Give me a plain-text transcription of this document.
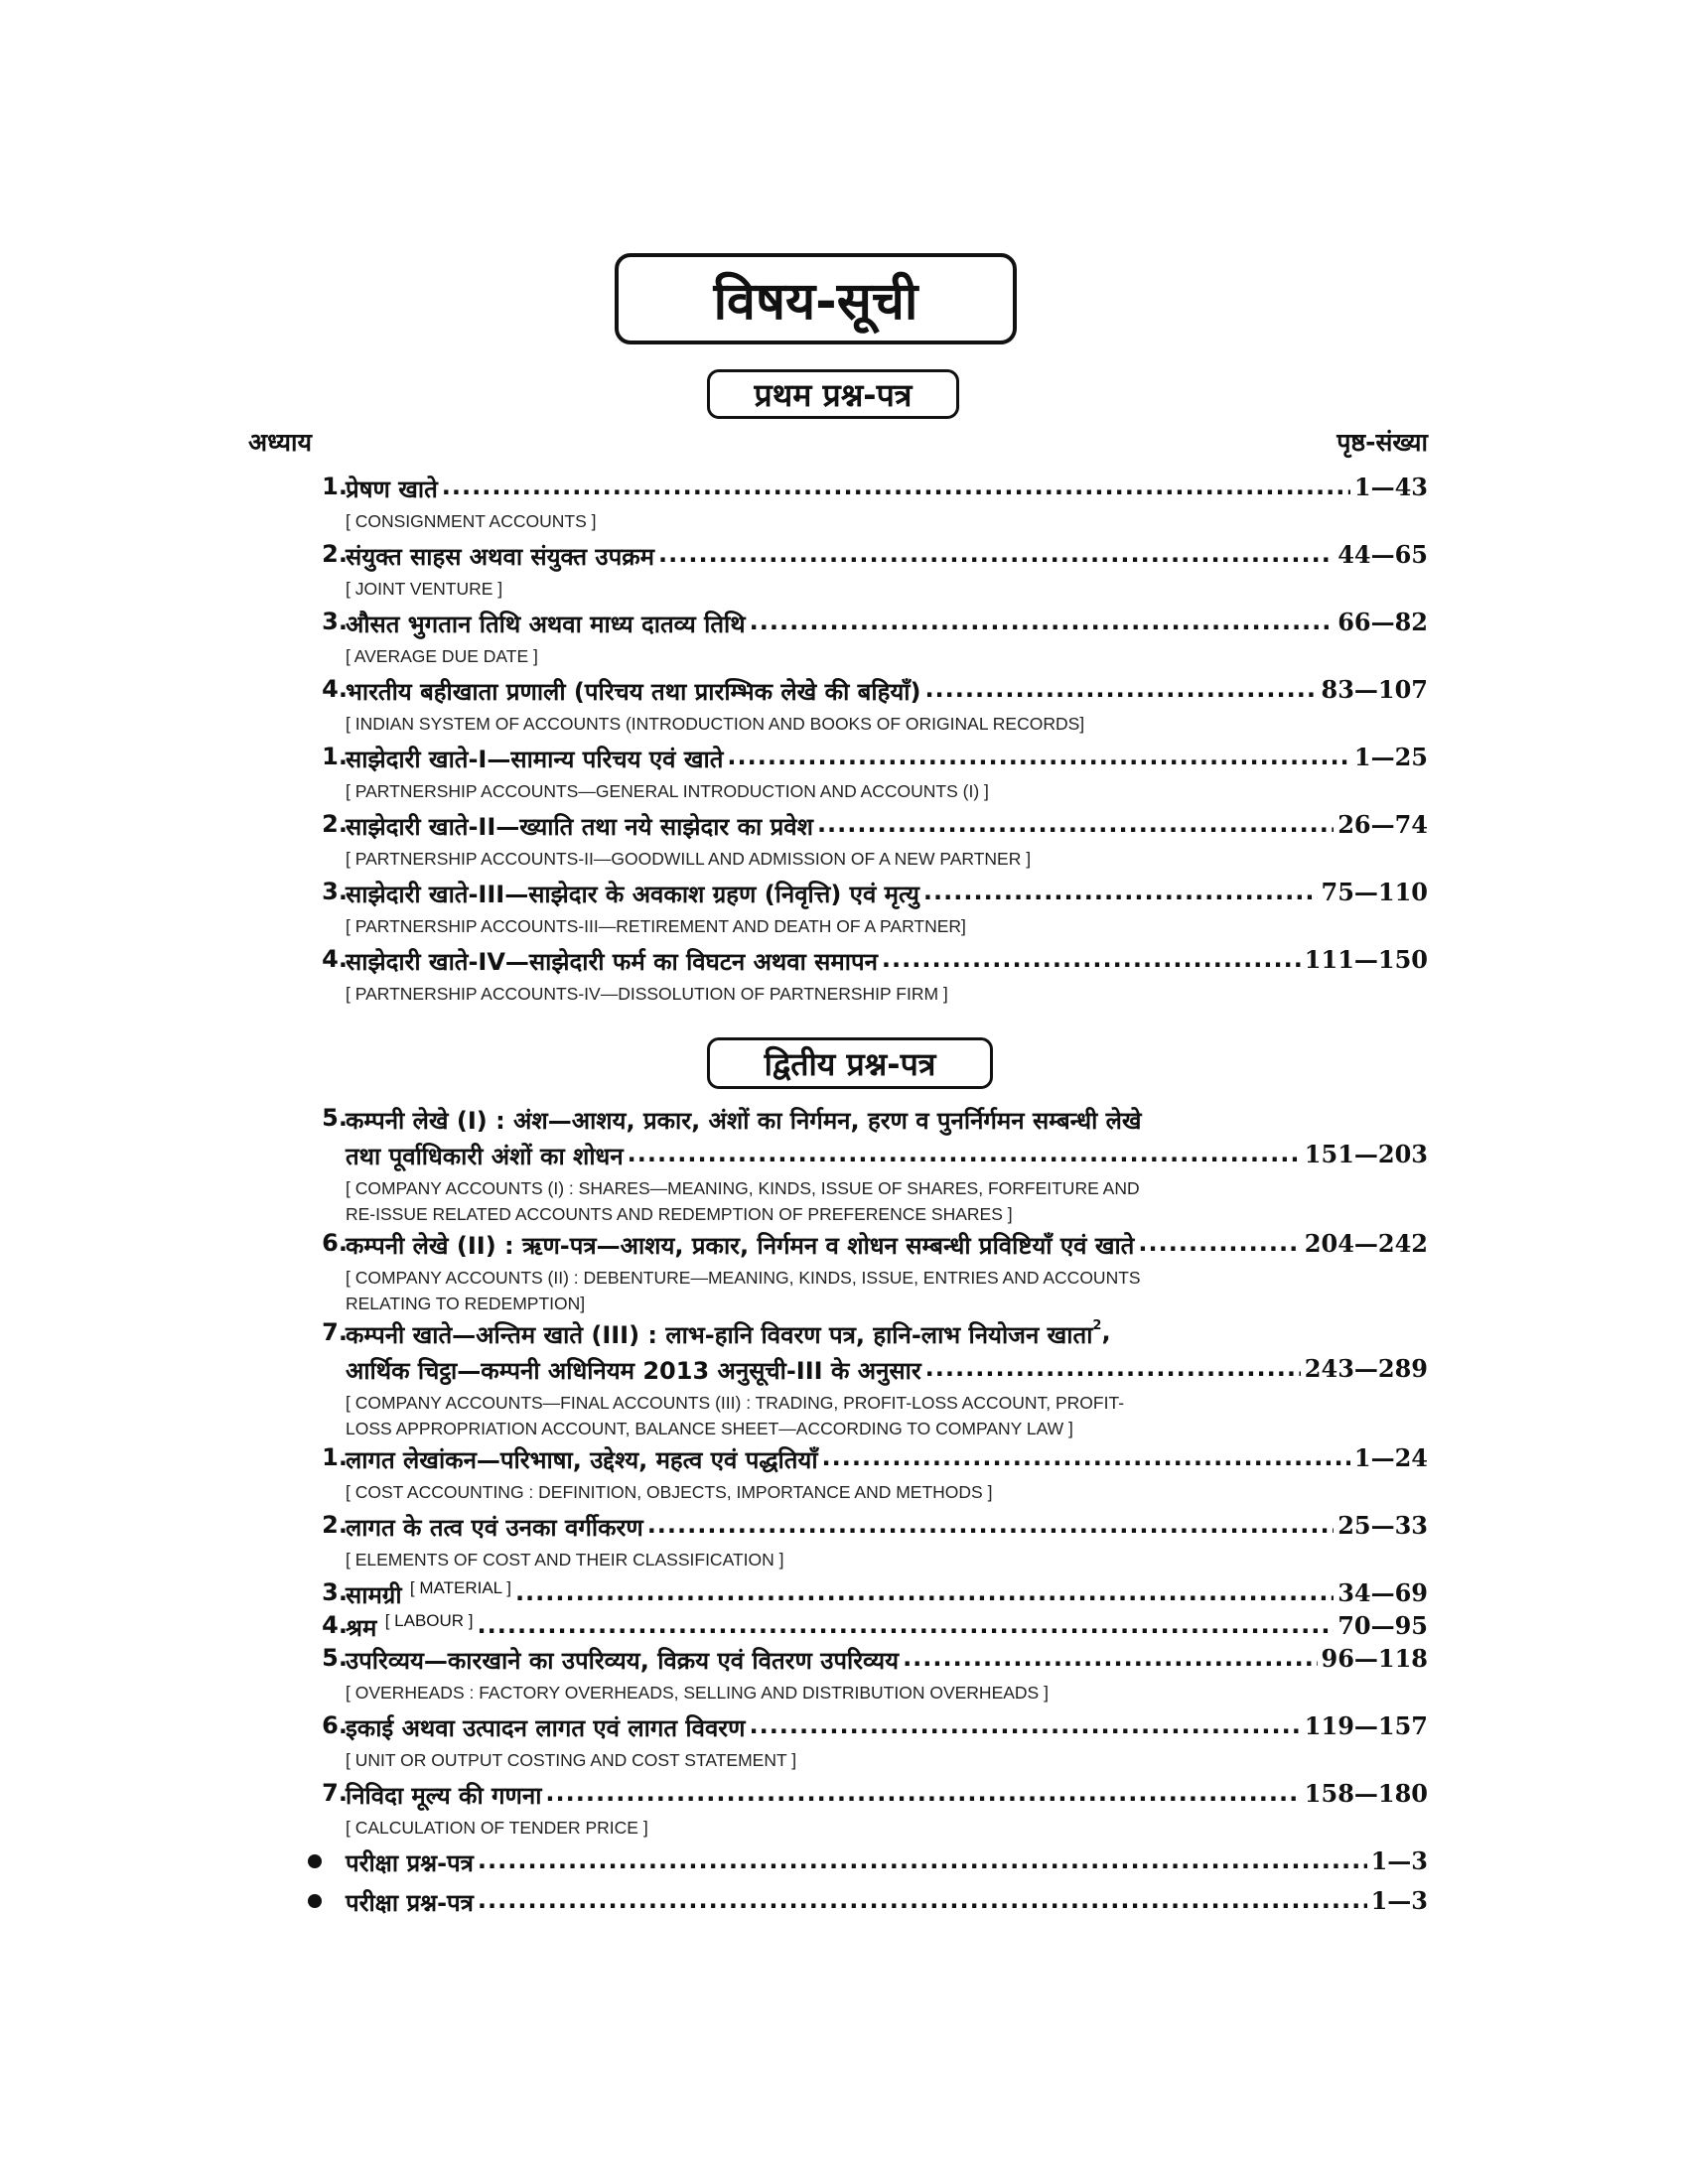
विषय-सूची
प्रथम प्रश्न-पत्र
अध्याय	पृष्ठ-संख्या
1.
प्रेषण खाते .....	1—43
[ CONSIGNMENT ACCOUNTS ]
2.
संयुक्त साहस अथवा संयुक्त उपक्रम .....	44—65
[ JOINT VENTURE ]
3.
औसत भुगतान तिथि अथवा माध्य दातव्य तिथि .....	66—82
[ AVERAGE DUE DATE ]
4.
भारतीय बहीखाता प्रणाली (परिचय तथा प्रारम्भिक लेखे की बहियाँ) .....	83—107
[ INDIAN SYSTEM OF ACCOUNTS (INTRODUCTION AND BOOKS OF ORIGINAL RECORDS]
1.
साझेदारी खाते-I—सामान्य परिचय एवं खाते .....	1—25
[ PARTNERSHIP ACCOUNTS—GENERAL INTRODUCTION AND ACCOUNTS (I) ]
2.
साझेदारी खाते-II—ख्याति तथा नये साझेदार का प्रवेश .....	26—74
[ PARTNERSHIP ACCOUNTS-II—GOODWILL AND ADMISSION OF A NEW PARTNER ]
3.
साझेदारी खाते-III—साझेदार के अवकाश ग्रहण (निवृत्ति) एवं मृत्यु .....	75—110
[ PARTNERSHIP ACCOUNTS-III—RETIREMENT AND DEATH OF A PARTNER]
4.
साझेदारी खाते-IV—साझेदारी फर्म का विघटन अथवा समापन .....	111—150
[ PARTNERSHIP ACCOUNTS-IV—DISSOLUTION OF PARTNERSHIP FIRM ]
द्वितीय प्रश्न-पत्र
5.
कम्पनी लेखे (I) : अंश—आशय, प्रकार, अंशों का निर्गमन, हरण व पुनर्निर्गमन सम्बन्धी लेखे
तथा पूर्वाधिकारी अंशों का शोधन .....	151—203
[ COMPANY ACCOUNTS (I) : SHARES—MEANING, KINDS, ISSUE OF SHARES, FORFEITURE AND
RE-ISSUE RELATED ACCOUNTS AND REDEMPTION OF PREFERENCE SHARES ]
6.
कम्पनी लेखे (II) : ऋण-पत्र—आशय, प्रकार, निर्गमन व शोधन सम्बन्धी प्रविष्टियाँ एवं खाते .....	204—242
[ COMPANY ACCOUNTS (II) : DEBENTURE—MEANING, KINDS, ISSUE, ENTRIES AND ACCOUNTS
RELATING TO REDEMPTION]
7.
कम्पनी खाते—अन्तिम खाते (III) : लाभ-हानि विवरण पत्र, हानि-लाभ नियोजन खाता 2 ,
आर्थिक चिट्ठा—कम्पनी अधिनियम 2013 अनुसूची-III के अनुसार .....	243—289
[ COMPANY ACCOUNTS—FINAL ACCOUNTS (III) : TRADING, PROFIT-LOSS ACCOUNT, PROFIT-
LOSS APPROPRIATION ACCOUNT, BALANCE SHEET—ACCORDING TO COMPANY LAW ]
1.
लागत लेखांकन—परिभाषा, उद्देश्य, महत्व एवं पद्धतियाँ .....	1—24
[ COST ACCOUNTING : DEFINITION, OBJECTS, IMPORTANCE AND METHODS ]
2.
लागत के तत्व एवं उनका वर्गीकरण .....	25—33
[ ELEMENTS OF COST AND THEIR CLASSIFICATION ]
3.
सामग्री
[ MATERIAL ] .....	34—69
4.
श्रम
[ LABOUR ] .....	70—95
5.
उपरिव्यय—कारखाने का उपरिव्यय, विक्रय एवं वितरण उपरिव्यय .....	96—118
[ OVERHEADS : FACTORY OVERHEADS, SELLING AND DISTRIBUTION OVERHEADS ]
6.
इकाई अथवा उत्पादन लागत एवं लागत विवरण .....	119—157
[ UNIT OR OUTPUT COSTING AND COST STATEMENT ]
7.
निविदा मूल्य की गणना .....	158—180
[ CALCULATION OF TENDER PRICE ]
परीक्षा प्रश्न-पत्र .....	1—3
परीक्षा प्रश्न-पत्र .....	1—3
